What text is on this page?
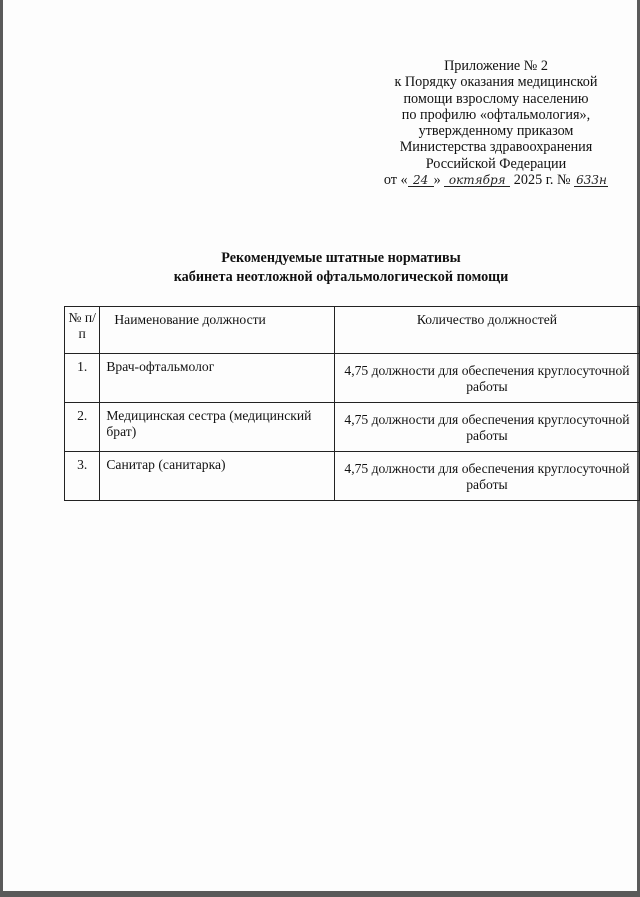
Приложение № 2
к Порядку оказания медицинской
помощи взрослому населению
по профилю «офтальмология»,
утвержденному приказом
Министерства здравоохранения
Российской Федерации
от « 24 » октября 2025 г. № 633н
Рекомендуемые штатные нормативы
кабинета неотложной офтальмологической помощи
№ п/п	Наименование должности	Количество должностей
1.	Врач-офтальмолог	4,75 должности для обеспечения круглосуточной работы
2.	Медицинская сестра (медицинский брат)	4,75 должности для обеспечения круглосуточной работы
3.	Санитар (санитарка)	4,75 должности для обеспечения круглосуточной работы
